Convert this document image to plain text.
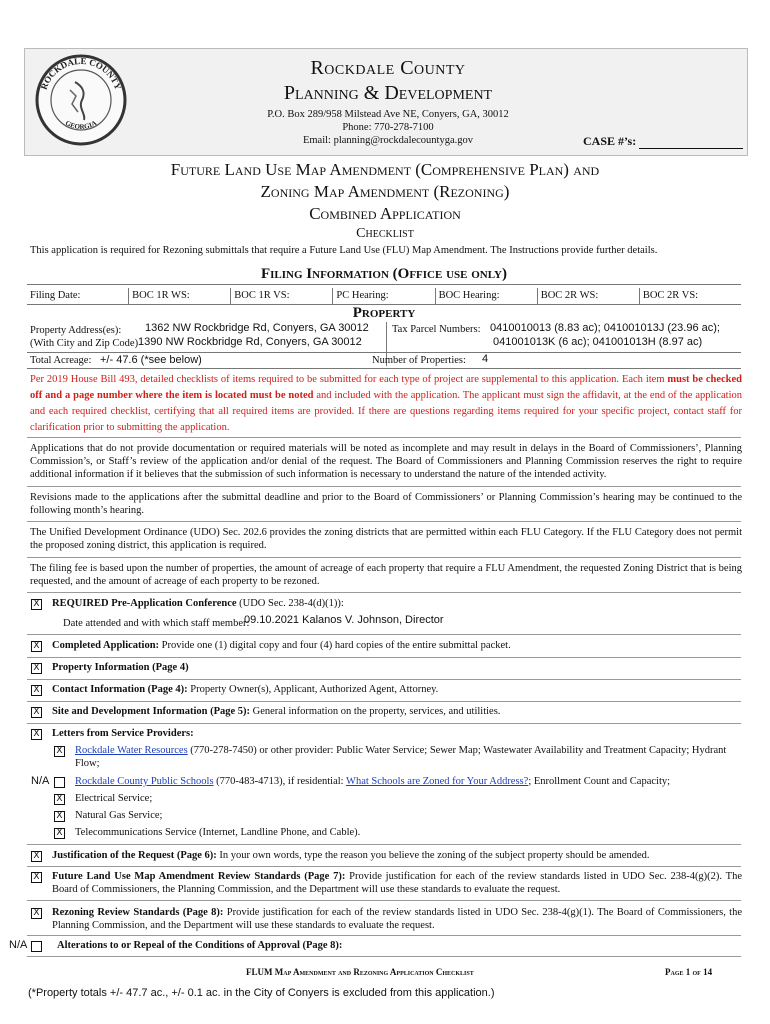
ROCKDALE COUNTY
GEORGIA
Rockdale County
Planning & Development
P.O. Box 289/958 Milstead Ave NE, Conyers, GA, 30012
Phone: 770-278-7100
Email: planning@rockdalecountyga.gov	CASE #’s:
Future Land Use Map Amendment (Comprehensive Plan) and
Zoning Map Amendment (Rezoning)
Combined Application
Checklist
This application is required for Rezoning submittals that require a Future Land Use (FLU) Map Amendment. The Instructions provide further details.
Filing Information (Office use only)
Filing Date:	BOC 1R WS:	BOC 1R VS:	PC Hearing:	BOC Hearing:	BOC 2R WS:	BOC 2R VS:
Property
Property Address(es):
(With City and Zip Code)
1362 NW Rockbridge Rd, Conyers, GA 30012
1390 NW Rockbridge Rd, Conyers, GA 30012
Tax Parcel Numbers: 0410010013 (8.83 ac); 041001013J (23.96 ac);
041001013K (6 ac); 041001013H (8.97 ac)
Total Acreage: +/- 47.6 (*see below)	Number of Properties: 4
Per 2019 House Bill 493, detailed checklists of items required to be submitted for each type of project are supplemental to this application. Each item must be checked off and a page number where the item is located must be noted and included with the application. The applicant must sign the affidavit, at the end of the application and each required checklist, certifying that all required items are provided. If there are questions regarding items required for your specific project, contact staff for clarification prior to submitting the application.
Applications that do not provide documentation or required materials will be noted as incomplete and may result in delays in the Board of Commissioners’, Planning Commission’s, or Staff’s review of the application and/or denial of the request. The Board of Commissioners and Planning Commission reserves the right to require additional information if it believes that the submission of such information is necessary to understand the nature of the intended activity.
Revisions made to the applications after the submittal deadline and prior to the Board of Commissioners’ or Planning Commission’s hearing may be continued to the following month’s hearing.
The Unified Development Ordinance (UDO) Sec. 202.6 provides the zoning districts that are permitted within each FLU Category. If the FLU Category does not permit the proposed zoning district, this application is required.
The filing fee is based upon the number of properties, the amount of acreage of each property that require a FLU Amendment, the requested Zoning District that is being requested, and the amount of acreage of each property to be rezoned.
X REQUIRED Pre-Application Conference (UDO Sec. 238-4(d)(1)):
Date attended and with which staff member:
09.10.2021 Kalanos V. Johnson, Director
X Completed Application: Provide one (1) digital copy and four (4) hard copies of the entire submittal packet.
X Property Information (Page 4)
X Contact Information (Page 4): Property Owner(s), Applicant, Authorized Agent, Attorney.
X Site and Development Information (Page 5): General information on the property, services, and utilities.
X Letters from Service Providers:
X Rockdale Water Resources (770-278-7450) or other provider: Public Water Service; Sewer Map; Wastewater Availability and Treatment Capacity; Hydrant Flow;
N/A Rockdale County Public Schools (770-483-4713), if residential: What Schools are Zoned for Your Address?; Enrollment Count and Capacity;
X Electrical Service;
X Natural Gas Service;
X Telecommunications Service (Internet, Landline Phone, and Cable).
X Justification of the Request (Page 6): In your own words, type the reason you believe the zoning of the subject property should be amended.
X Future Land Use Map Amendment Review Standards (Page 7): Provide justification for each of the review standards listed in UDO Sec. 238-4(g)(2). The Board of Commissioners, the Planning Commission, and the Department will use these standards to evaluate the request.
X Rezoning Review Standards (Page 8): Provide justification for each of the review standards listed in UDO Sec. 238-4(g)(1). The Board of Commissioners, the Planning Commission, and the Department will use these standards to evaluate the request.
N/A	Alterations to or Repeal of the Conditions of Approval (Page 8):
FLUM Map Amendment and Rezoning Application Checklist	Page 1 of 14
(*Property totals +/- 47.7 ac., +/- 0.1 ac. in the City of Conyers is excluded from this application.)
